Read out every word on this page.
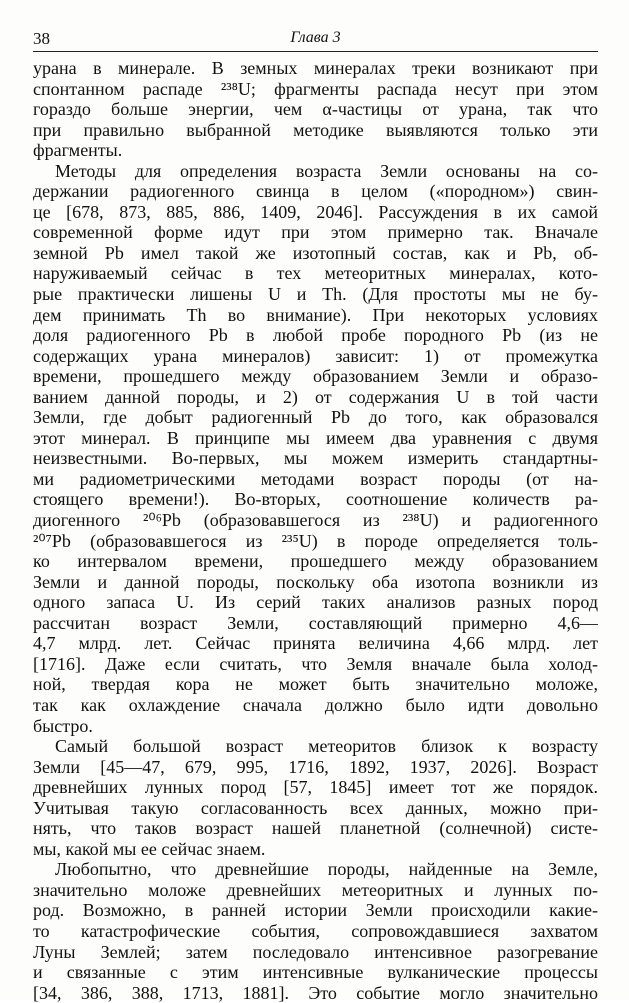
38	Глава 3
урана в минерале. В земных минералах треки возникают при
спонтанном распаде ²³⁸U; фрагменты распада несут при этом
гораздо больше энергии, чем α-частицы от урана, так что
при правильно выбранной методике выявляются только эти
фрагменты.
Методы для определения возраста Земли основаны на со-
держании радиогенного свинца в целом («породном») свин-
це [678, 873, 885, 886, 1409, 2046]. Рассуждения в их самой
современной форме идут при этом примерно так. Вначале
земной Pb имел такой же изотопный состав, как и Pb, об-
наруживаемый сейчас в тех метеоритных минералах, кото-
рые практически лишены U и Th. (Для простоты мы не бу-
дем принимать Th во внимание). При некоторых условиях
доля радиогенного Pb в любой пробе породного Pb (из не
содержащих урана минералов) зависит: 1) от промежутка
времени, прошедшего между образованием Земли и образо-
ванием данной породы, и 2) от содержания U в той части
Земли, где добыт радиогенный Pb до того, как образовался
этот минерал. В принципе мы имеем два уравнения с двумя
неизвестными. Во-первых, мы можем измерить стандартны-
ми радиометрическими методами возраст породы (от на-
стоящего времени!). Во-вторых, соотношение количеств ра-
диогенного ²⁰⁶Pb (образовавшегося из ²³⁸U) и радиогенного
²⁰⁷Pb (образовавшегося из ²³⁵U) в породе определяется толь-
ко интервалом времени, прошедшего между образованием
Земли и данной породы, поскольку оба изотопа возникли из
одного запаса U. Из серий таких анализов разных пород
рассчитан возраст Земли, составляющий примерно 4,6—
4,7 млрд. лет. Сейчас принята величина 4,66 млрд. лет
[1716]. Даже если считать, что Земля вначале была холод-
ной, твердая кора не может быть значительно моложе,
так как охлаждение сначала должно было идти довольно
быстро.
Самый большой возраст метеоритов близок к возрасту
Земли [45—47, 679, 995, 1716, 1892, 1937, 2026]. Возраст
древнейших лунных пород [57, 1845] имеет тот же порядок.
Учитывая такую согласованность всех данных, можно при-
нять, что таков возраст нашей планетной (солнечной) систе-
мы, какой мы ее сейчас знаем.
Любопытно, что древнейшие породы, найденные на Земле,
значительно моложе древнейших метеоритных и лунных по-
род. Возможно, в ранней истории Земли происходили какие-
то катастрофические события, сопровождавшиеся захватом
Луны Землей; затем последовало интенсивное разогревание
и связанные с этим интенсивные вулканические процессы
[34, 386, 388, 1713, 1881]. Это событие могло значительно
